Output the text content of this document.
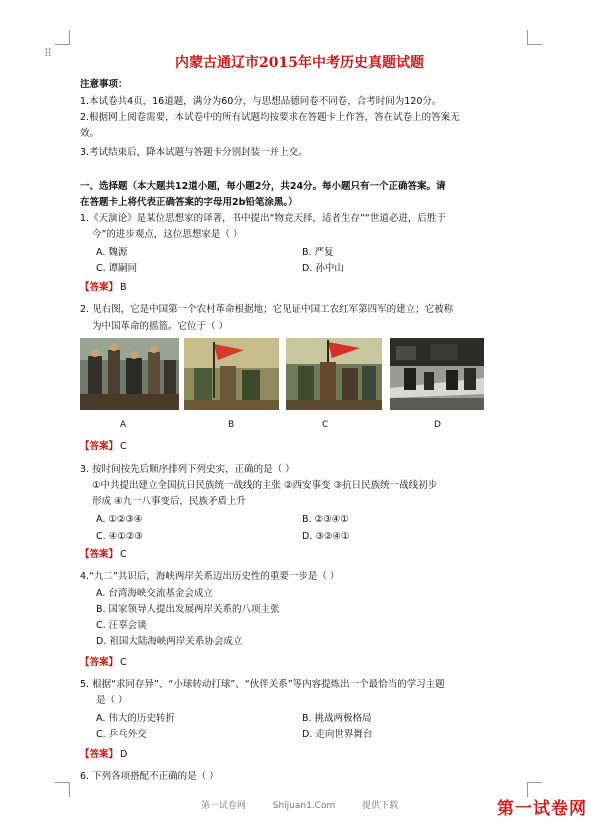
⠿
内蒙古通辽市2015年中考历史真题试题
注意事项：
1.本试卷共4页，16道题，满分为60分，与思想品德同卷不同卷，合考时间为120分。
2.根据网上阅卷需要，本试卷中的所有试题均按要求在答题卡上作答，答在试卷上的答案无
效。
3.考试结束后，降本试题与答题卡分别封装一并上交。
一、选择题（本大题共12道小题，每小题2分，共24分。每小题只有一个正确答案。请
在答题卡上将代表正确答案的字母用2b铅笔涂黑。）
1.《天演论》是某位思想家的译著，书中提出“物竞天择，适者生存”“世道必进，后胜于
今”的进步观点，这位思想家是（ ）
A. 魏源	B. 严复
C. 谭嗣同	D. 孙中山
【答案】 B
2. 见右图，它是中国第一个农村革命根据地；它见证中国工农红军第四军的建立；它被称
为中国革命的摇篮。它位于（ ）
A	B	C	D
【答案】 C
3. 按时间按先后顺序排列下列史实，正确的是（ ）
①中共提出建立全国抗日民族统一战线的主张 ②西安事变 ③抗日民族统一战线初步
形成 ④九一八事变后，民族矛盾上升
A. ①②③④	B. ②③④①
C. ④①②③	D. ③②④①
【答案】 C
4.“九二”共识后，海峡两岸关系迈出历史性的重要一步是（ ）
A. 台湾海峡交流基金会成立
B. 国家领导人提出发展两岸关系的八项主张
C. 汪辜会谈
D. 祖国大陆海峡两岸关系协会成立
【答案】 C
5. 根据“求同存异”、“小球转动打球”、“伙伴关系”等内容提炼出一个最恰当的学习主题
是（ ）
A. 伟大的历史转折	B. 挑战两极格局
C. 乒乓外交	D. 走向世界舞台
【答案】 D
6. 下列各项搭配不正确的是（ ）
第一试卷网	Shijuan1.Com	提供下载	第一试卷网
